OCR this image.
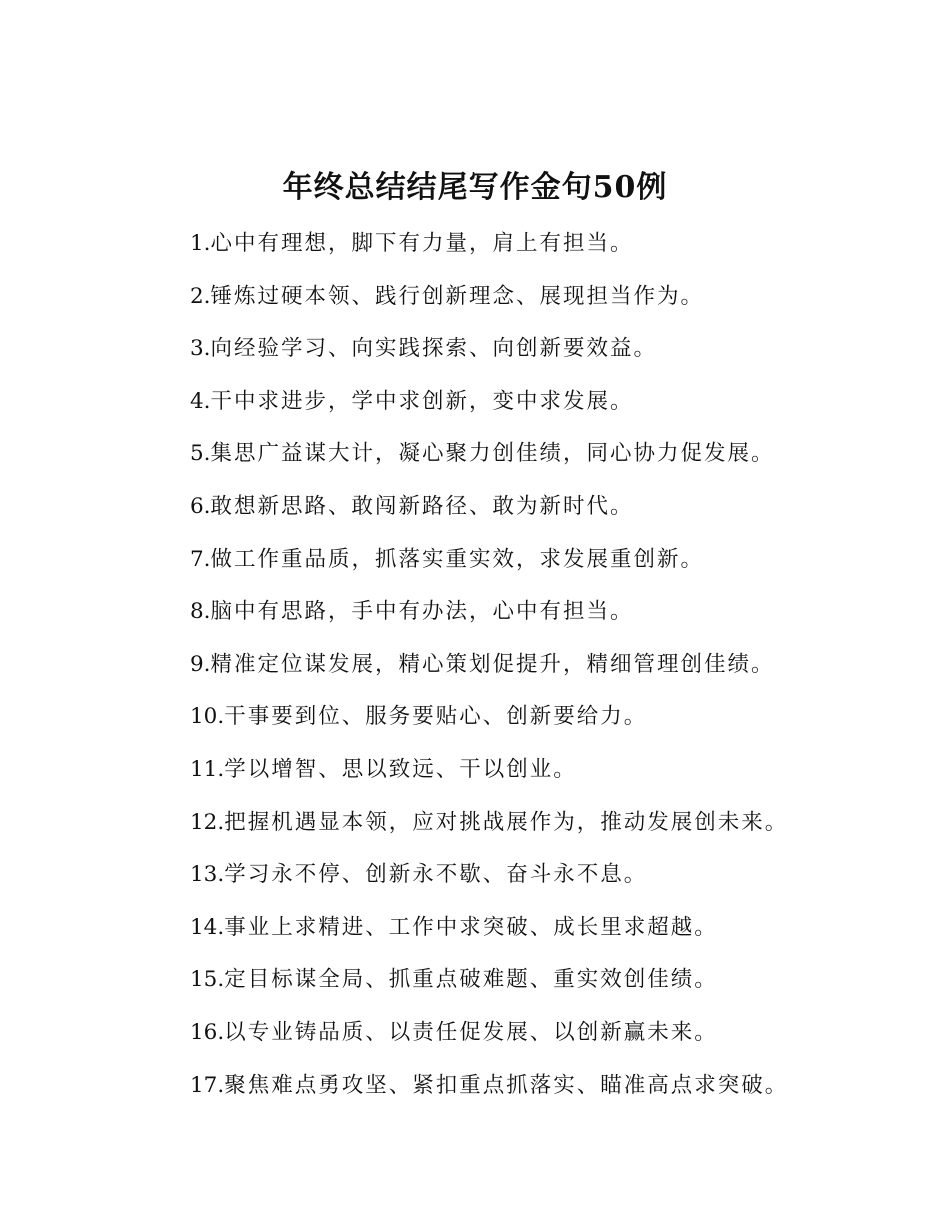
年终总结结尾写作金句50例
1.心中有理想，脚下有力量，肩上有担当。
2.锤炼过硬本领、践行创新理念、展现担当作为。
3.向经验学习、向实践探索、向创新要效益。
4.干中求进步，学中求创新，变中求发展。
5.集思广益谋大计，凝心聚力创佳绩，同心协力促发展。
6.敢想新思路、敢闯新路径、敢为新时代。
7.做工作重品质，抓落实重实效，求发展重创新。
8.脑中有思路，手中有办法，心中有担当。
9.精准定位谋发展，精心策划促提升，精细管理创佳绩。
10.干事要到位、服务要贴心、创新要给力。
11.学以增智、思以致远、干以创业。
12.把握机遇显本领，应对挑战展作为，推动发展创未来。
13.学习永不停、创新永不歇、奋斗永不息。
14.事业上求精进、工作中求突破、成长里求超越。
15.定目标谋全局、抓重点破难题、重实效创佳绩。
16.以专业铸品质、以责任促发展、以创新赢未来。
17.聚焦难点勇攻坚、紧扣重点抓落实、瞄准高点求突破。
